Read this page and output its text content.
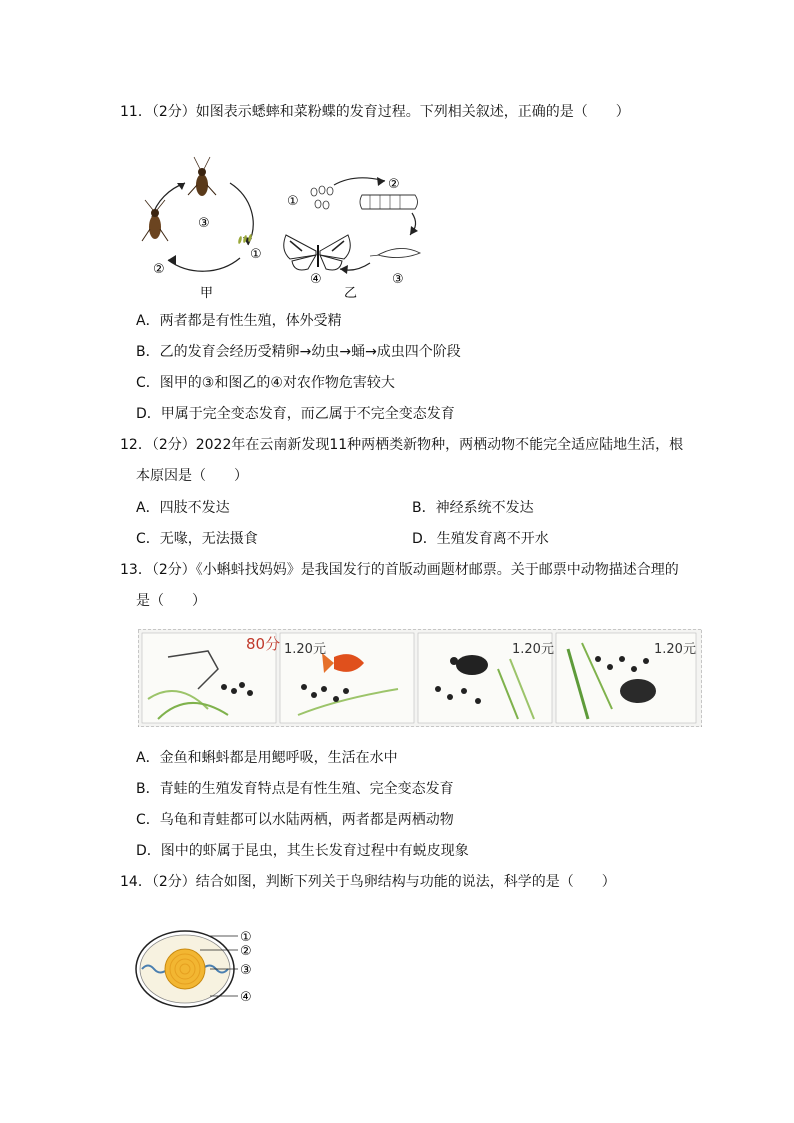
11．（2分）如图表示蟋蟀和菜粉蝶的发育过程。下列相关叙述，正确的是（　　）
③
①
②
甲
①
②
③
④
乙
A．两者都是有性生殖，体外受精
B．乙的发育会经历受精卵→幼虫→蛹→成虫四个阶段
C．图甲的③和图乙的④对农作物危害较大
D．甲属于完全变态发育，而乙属于不完全变态发育
12．（2分）2022年在云南新发现11种两栖类新物种，两栖动物不能完全适应陆地生活，根
本原因是（　　）
A．四肢不发达	B．神经系统不发达
C．无喙，无法摄食	D．生殖发育离不开水
13．（2分）《小蝌蚪找妈妈》是我国发行的首版动画题材邮票。关于邮票中动物描述合理的
是（　　）
80分 1.20元	1.20元	1.20元
A．金鱼和蝌蚪都是用鳃呼吸，生活在水中
B．青蛙的生殖发育特点是有性生殖、完全变态发育
C．乌龟和青蛙都可以水陆两栖，两者都是两栖动物
D．图中的虾属于昆虫，其生长发育过程中有蜕皮现象
14．（2分）结合如图，判断下列关于鸟卵结构与功能的说法，科学的是（　　）
①
②
③
④
